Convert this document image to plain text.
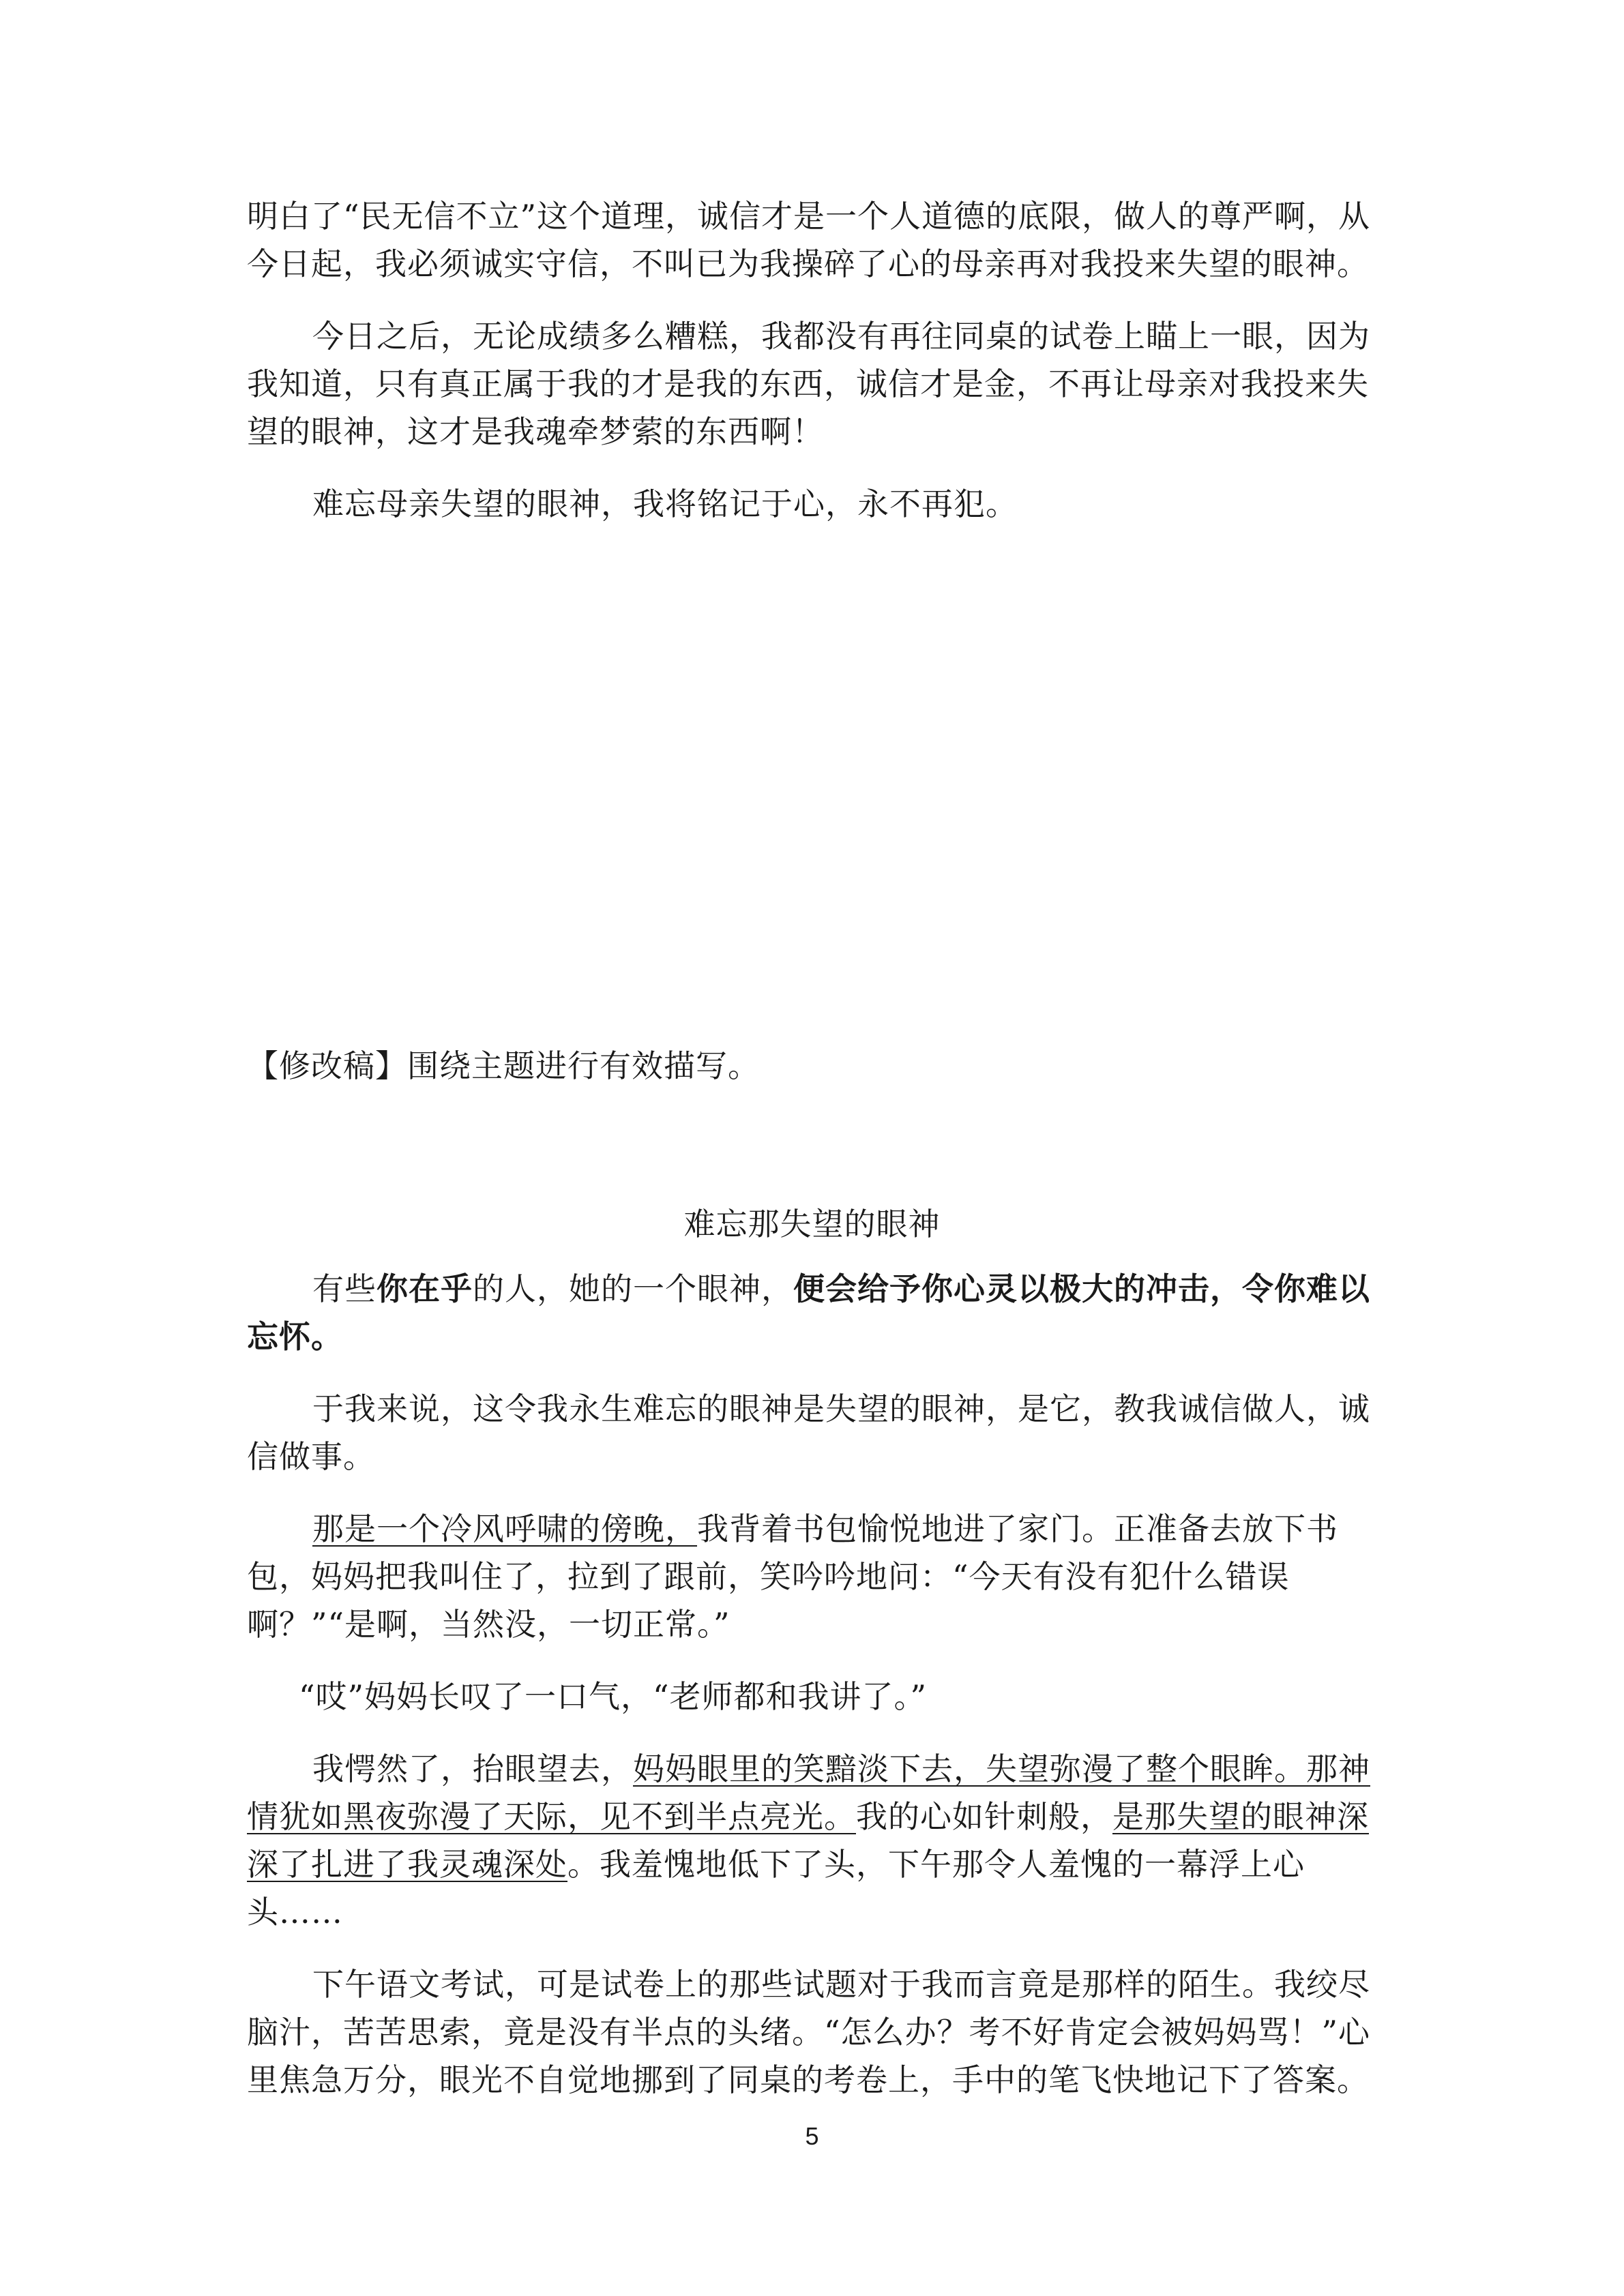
明白了“民无信不立”这个道理，诚信才是一个人道德的底限，做人的尊严啊，从今日起，我必须诚实守信，不叫已为我操碎了心的母亲再对我投来失望的眼神。

今日之后，无论成绩多么糟糕，我都没有再往同桌的试卷上瞄上一眼，因为我知道，只有真正属于我的才是我的东西，诚信才是金，不再让母亲对我投来失望的眼神，这才是我魂牵梦萦的东西啊！

难忘母亲失望的眼神，我将铭记于心，永不再犯。

【修改稿】围绕主题进行有效描写。

难忘那失望的眼神

有些你在乎的人，她的一个眼神，便会给予你心灵以极大的冲击，令你难以忘怀。

于我来说，这令我永生难忘的眼神是失望的眼神，是它，教我诚信做人，诚信做事。

那是一个冷风呼啸的傍晚，我背着书包愉悦地进了家门。正准备去放下书包，妈妈把我叫住了，拉到了跟前，笑吟吟地问：“今天有没有犯什么错误啊？”“是啊，当然没，一切正常。”

“哎”妈妈长叹了一口气，“老师都和我讲了。”

我愕然了，抬眼望去，妈妈眼里的笑黯淡下去，失望弥漫了整个眼眸。那神情犹如黑夜弥漫了天际，见不到半点亮光。我的心如针刺般，是那失望的眼神深深了扎进了我灵魂深处。我羞愧地低下了头，下午那令人羞愧的一幕浮上心头……

下午语文考试，可是试卷上的那些试题对于我而言竟是那样的陌生。我绞尽脑汁，苦苦思索，竟是没有半点的头绪。“怎么办？考不好肯定会被妈妈骂！”心里焦急万分，眼光不自觉地挪到了同桌的考卷上，手中的笔飞快地记下了答案。

5
